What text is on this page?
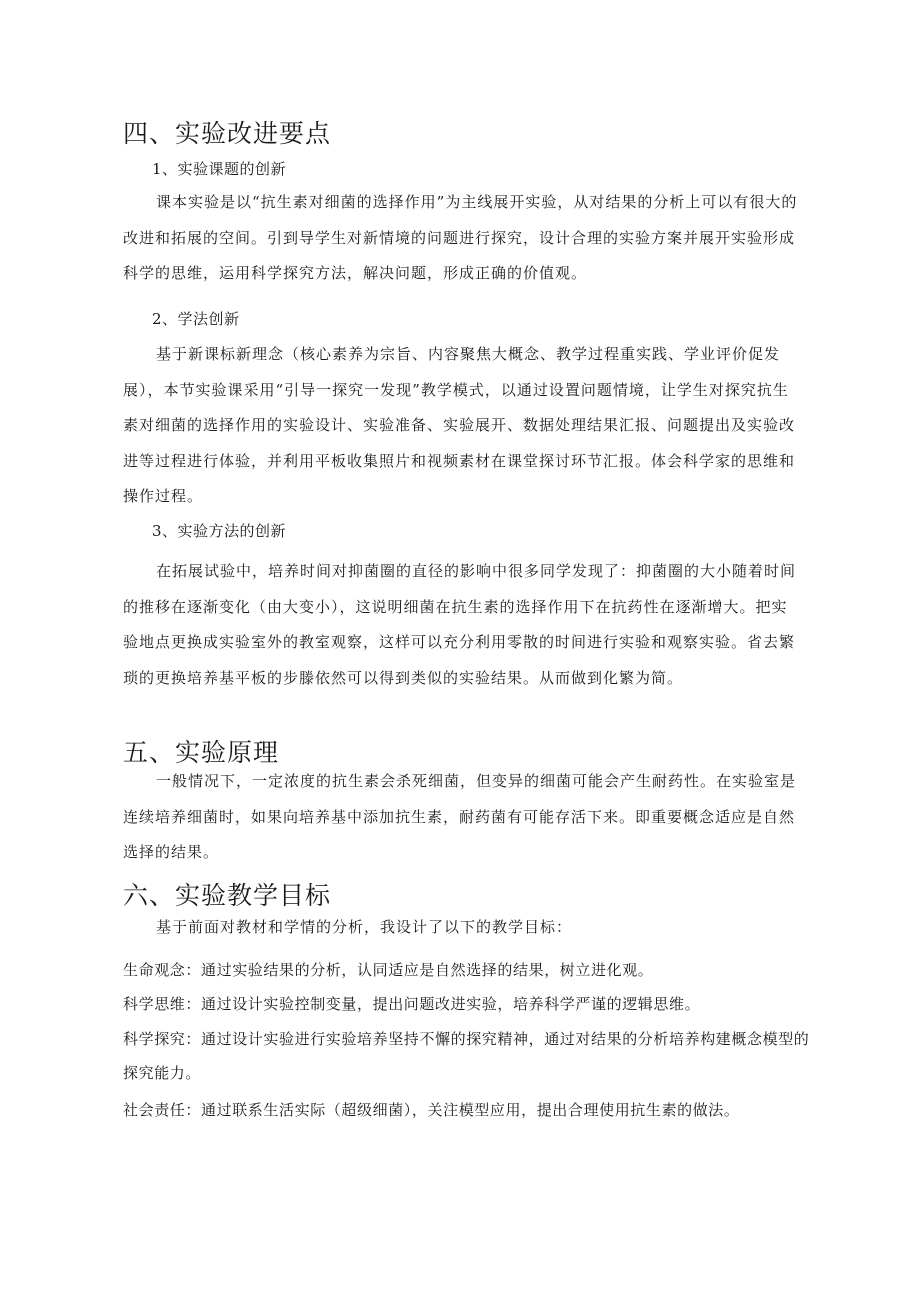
四、实验改进要点
1、实验课题的创新

课本实验是以“抗生素对细菌的选择作用”为主线展开实验，从对结果的分析上可以有很大的改进和拓展的空间。引到导学生对新情境的问题进行探究，设计合理的实验方案并展开实验形成科学的思维，运用科学探究方法，解决问题，形成正确的价值观。

2、学法创新

基于新课标新理念（核心素养为宗旨、内容聚焦大概念、教学过程重实践、学业评价促发展），本节实验课采用“引导一探究一发现”教学模式，以通过设置问题情境，让学生对探究抗生素对细菌的选择作用的实验设计、实验准备、实验展开、数据处理结果汇报、问题提出及实验改进等过程进行体验，并利用平板收集照片和视频素材在课堂探讨环节汇报。体会科学家的思维和操作过程。

3、实验方法的创新

在拓展试验中，培养时间对抑菌圈的直径的影响中很多同学发现了：抑菌圈的大小随着时间的推移在逐渐变化（由大变小），这说明细菌在抗生素的选择作用下在抗药性在逐渐增大。把实验地点更换成实验室外的教室观察，这样可以充分利用零散的时间进行实验和观察实验。省去繁琐的更换培养基平板的步滕依然可以得到类似的实验结果。从而做到化繁为简。

五、实验原理

一般情况下，一定浓度的抗生素会杀死细菌，但变异的细菌可能会产生耐药性。在实验室是连续培养细菌时，如果向培养基中添加抗生素，耐药菌有可能存活下来。即重要概念适应是自然选择的结果。

六、实验教学目标

基于前面对教材和学情的分析，我设计了以下的教学目标：

生命观念：通过实验结果的分析，认同适应是自然选择的结果，树立进化观。

科学思维：通过设计实验控制变量，提出问题改进实验，培养科学严谨的逻辑思维。

科学探究：通过设计实验进行实验培养坚持不懈的探究精神，通过对结果的分析培养构建概念模型的探究能力。

社会责任：通过联系生活实际（超级细菌），关注模型应用，提出合理使用抗生素的做法。
